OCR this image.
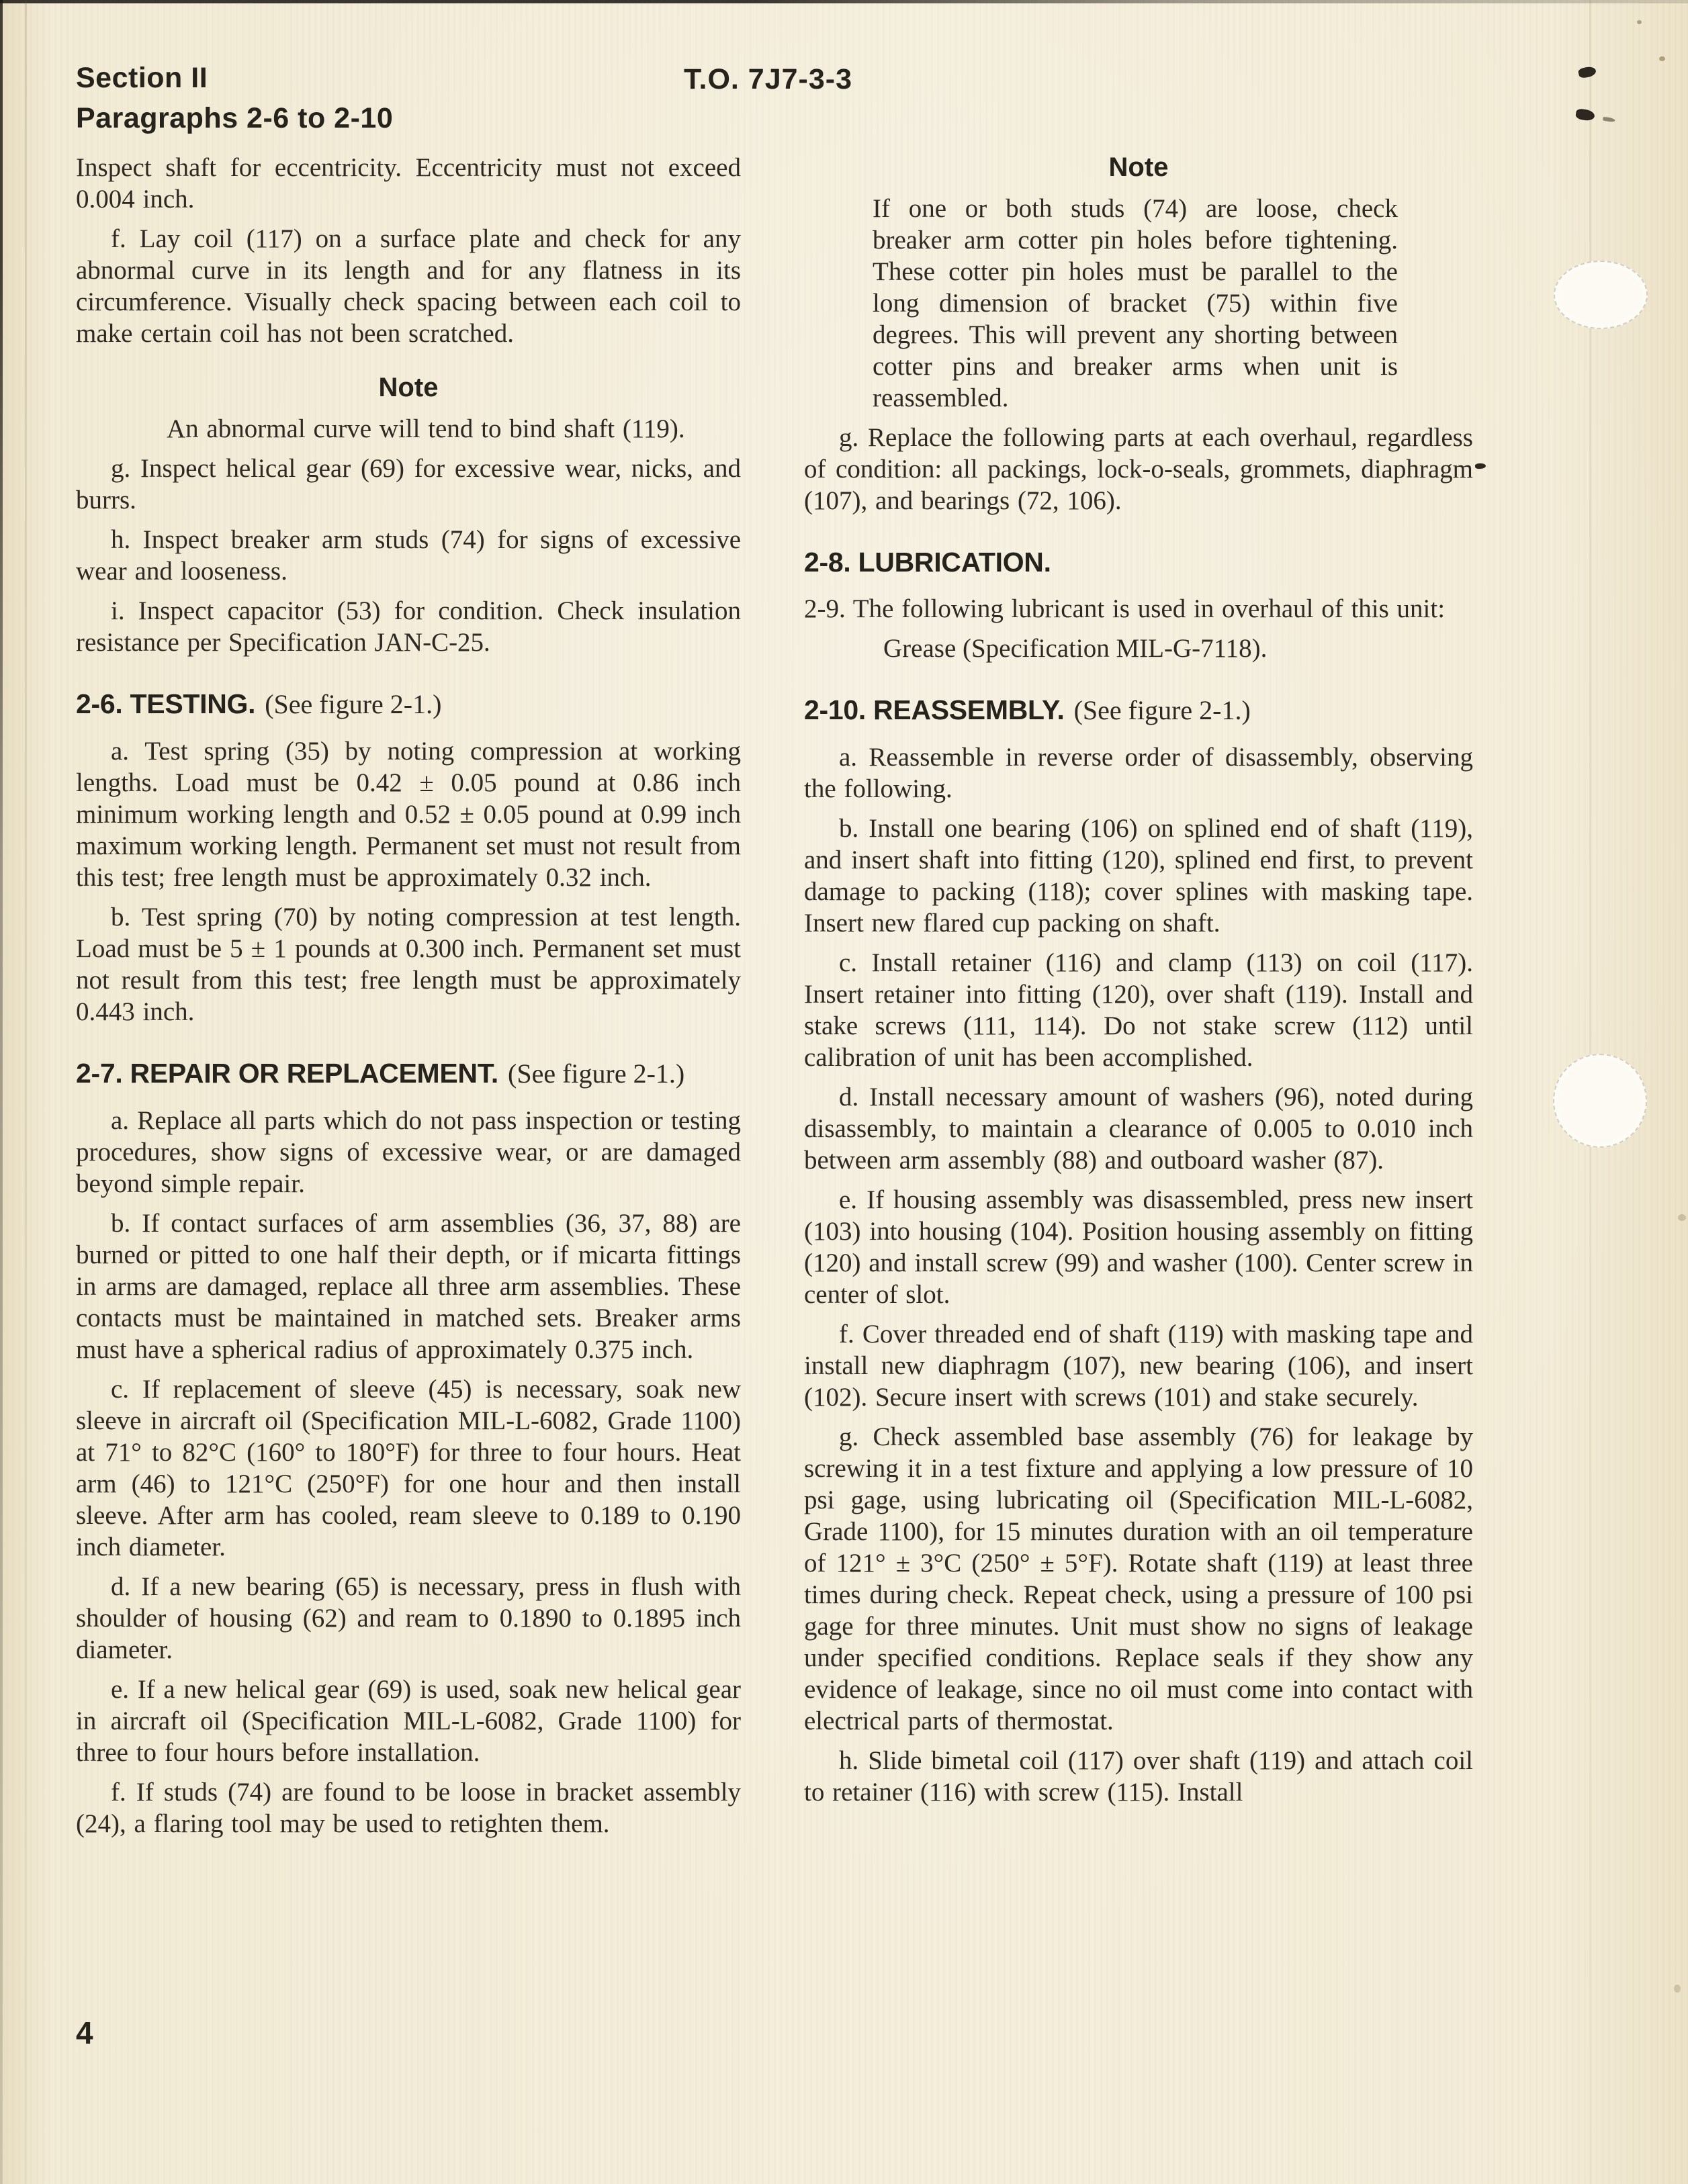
Section II
Paragraphs 2-6 to 2-10
T.O. 7J7-3-3

Inspect shaft for eccentricity. Eccentricity must not exceed 0.004 inch.

f. Lay coil (117) on a surface plate and check for any abnormal curve in its length and for any flatness in its circumference. Visually check spacing between each coil to make certain coil has not been scratched.

Note

An abnormal curve will tend to bind shaft (119).

g. Inspect helical gear (69) for excessive wear, nicks, and burrs.

h. Inspect breaker arm studs (74) for signs of excessive wear and looseness.

i. Inspect capacitor (53) for condition. Check insulation resistance per Specification JAN-C-25.

2-6. TESTING. (See figure 2-1.)

a. Test spring (35) by noting compression at working lengths. Load must be 0.42 ± 0.05 pound at 0.86 inch minimum working length and 0.52 ± 0.05 pound at 0.99 inch maximum working length. Permanent set must not result from this test; free length must be approximately 0.32 inch.

b. Test spring (70) by noting compression at test length. Load must be 5 ± 1 pounds at 0.300 inch. Permanent set must not result from this test; free length must be approximately 0.443 inch.

2-7. REPAIR OR REPLACEMENT. (See figure 2-1.)

a. Replace all parts which do not pass inspection or testing procedures, show signs of excessive wear, or are damaged beyond simple repair.

b. If contact surfaces of arm assemblies (36, 37, 88) are burned or pitted to one half their depth, or if micarta fittings in arms are damaged, replace all three arm assemblies. These contacts must be maintained in matched sets. Breaker arms must have a spherical radius of approximately 0.375 inch.

c. If replacement of sleeve (45) is necessary, soak new sleeve in aircraft oil (Specification MIL-L-6082, Grade 1100) at 71° to 82°C (160° to 180°F) for three to four hours. Heat arm (46) to 121°C (250°F) for one hour and then install sleeve. After arm has cooled, ream sleeve to 0.189 to 0.190 inch diameter.

d. If a new bearing (65) is necessary, press in flush with shoulder of housing (62) and ream to 0.1890 to 0.1895 inch diameter.

e. If a new helical gear (69) is used, soak new helical gear in aircraft oil (Specification MIL-L-6082, Grade 1100) for three to four hours before installation.

f. If studs (74) are found to be loose in bracket assembly (24), a flaring tool may be used to retighten them.

Note

If one or both studs (74) are loose, check breaker arm cotter pin holes before tightening. These cotter pin holes must be parallel to the long dimension of bracket (75) within five degrees. This will prevent any shorting between cotter pins and breaker arms when unit is reassembled.

g. Replace the following parts at each overhaul, regardless of condition: all packings, lock-o-seals, grommets, diaphragm (107), and bearings (72, 106).

2-8. LUBRICATION.

2-9. The following lubricant is used in overhaul of this unit:

Grease (Specification MIL-G-7118).

2-10. REASSEMBLY. (See figure 2-1.)

a. Reassemble in reverse order of disassembly, observing the following.

b. Install one bearing (106) on splined end of shaft (119), and insert shaft into fitting (120), splined end first, to prevent damage to packing (118); cover splines with masking tape. Insert new flared cup packing on shaft.

c. Install retainer (116) and clamp (113) on coil (117). Insert retainer into fitting (120), over shaft (119). Install and stake screws (111, 114). Do not stake screw (112) until calibration of unit has been accomplished.

d. Install necessary amount of washers (96), noted during disassembly, to maintain a clearance of 0.005 to 0.010 inch between arm assembly (88) and outboard washer (87).

e. If housing assembly was disassembled, press new insert (103) into housing (104). Position housing assembly on fitting (120) and install screw (99) and washer (100). Center screw in center of slot.

f. Cover threaded end of shaft (119) with masking tape and install new diaphragm (107), new bearing (106), and insert (102). Secure insert with screws (101) and stake securely.

g. Check assembled base assembly (76) for leakage by screwing it in a test fixture and applying a low pressure of 10 psi gage, using lubricating oil (Specification MIL-L-6082, Grade 1100), for 15 minutes duration with an oil temperature of 121° ± 3°C (250° ± 5°F). Rotate shaft (119) at least three times during check. Repeat check, using a pressure of 100 psi gage for three minutes. Unit must show no signs of leakage under specified conditions. Replace seals if they show any evidence of leakage, since no oil must come into contact with electrical parts of thermostat.

h. Slide bimetal coil (117) over shaft (119) and attach coil to retainer (116) with screw (115). Install

4
